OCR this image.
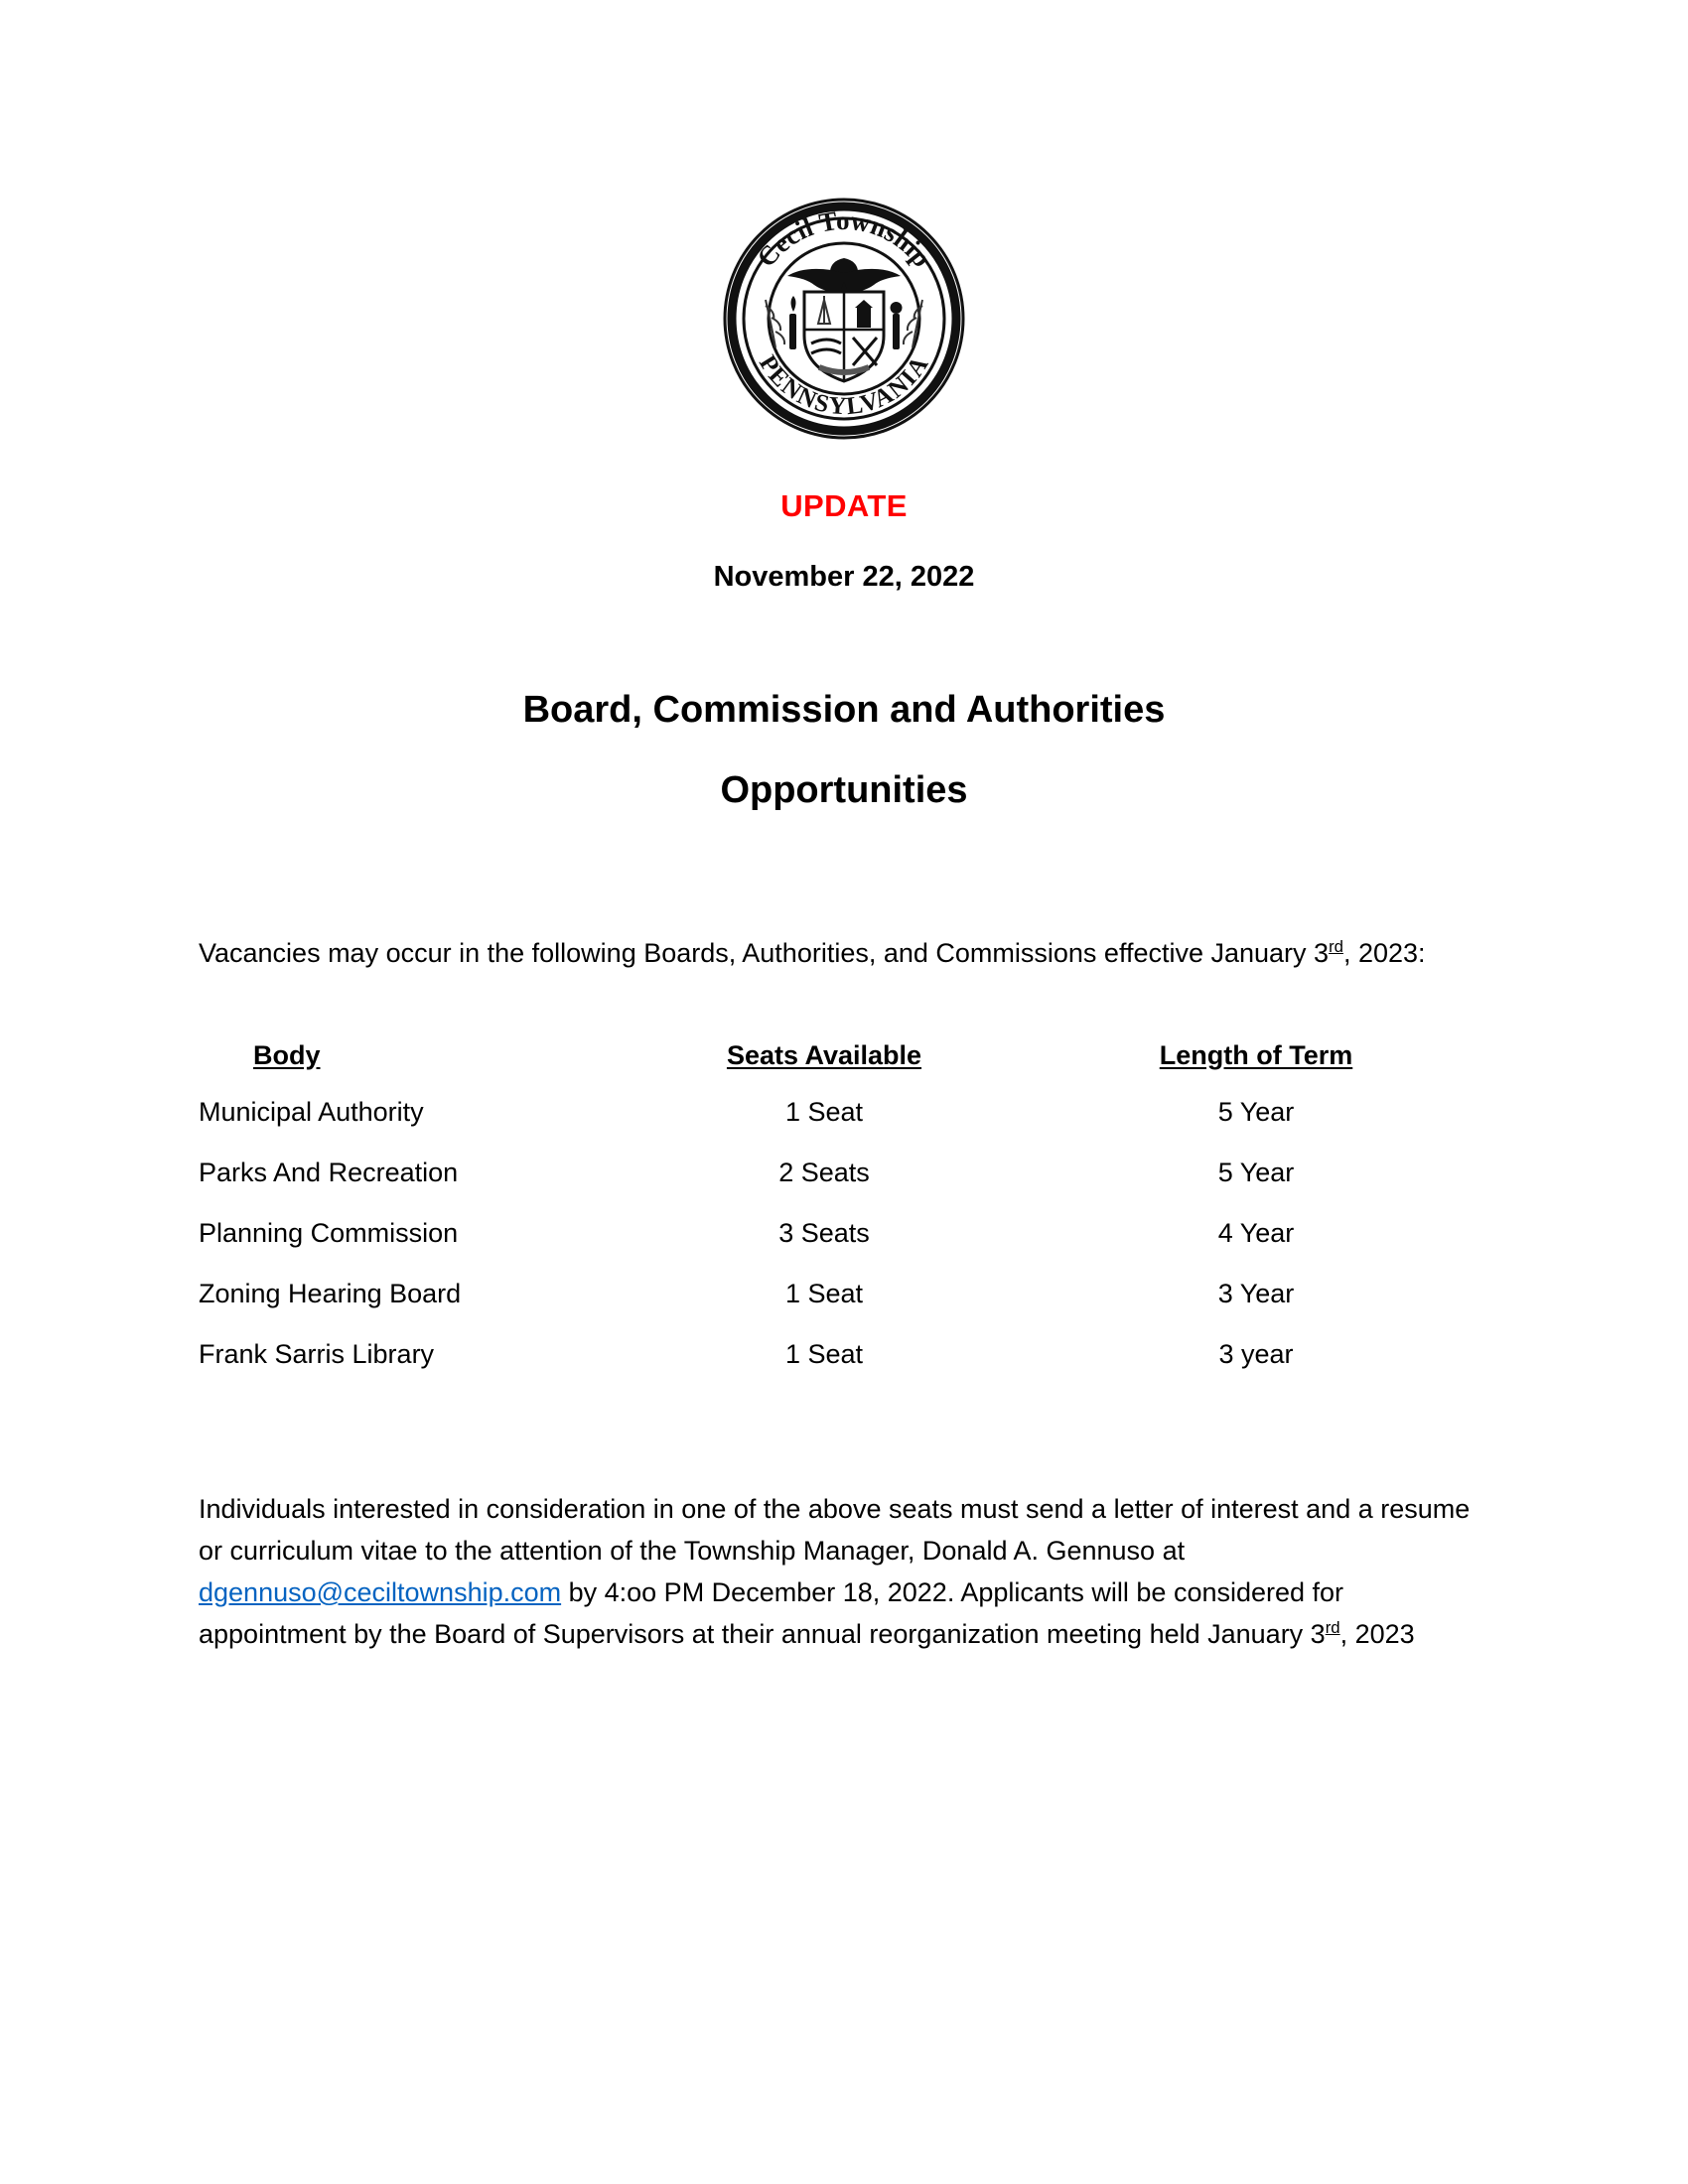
Cecil Township
PENNSYLVANIA
UPDATE
November 22, 2022
Board, Commission and Authorities
Opportunities

Vacancies may occur in the following Boards, Authorities, and Commissions effective January 3rd, 2023:

Body	Seats Available	Length of Term
Municipal Authority	1 Seat	5 Year
Parks And Recreation	2 Seats	5 Year
Planning Commission	3 Seats	4 Year
Zoning Hearing Board	1 Seat	3 Year
Frank Sarris Library	1 Seat	3 year

Individuals interested in consideration in one of the above seats must send a letter of interest and a resume or curriculum vitae to the attention of the Township Manager, Donald A. Gennuso at dgennuso@ceciltownship.com by 4:oo PM December 18, 2022. Applicants will be considered for appointment by the Board of Supervisors at their annual reorganization meeting held January 3rd, 2023
